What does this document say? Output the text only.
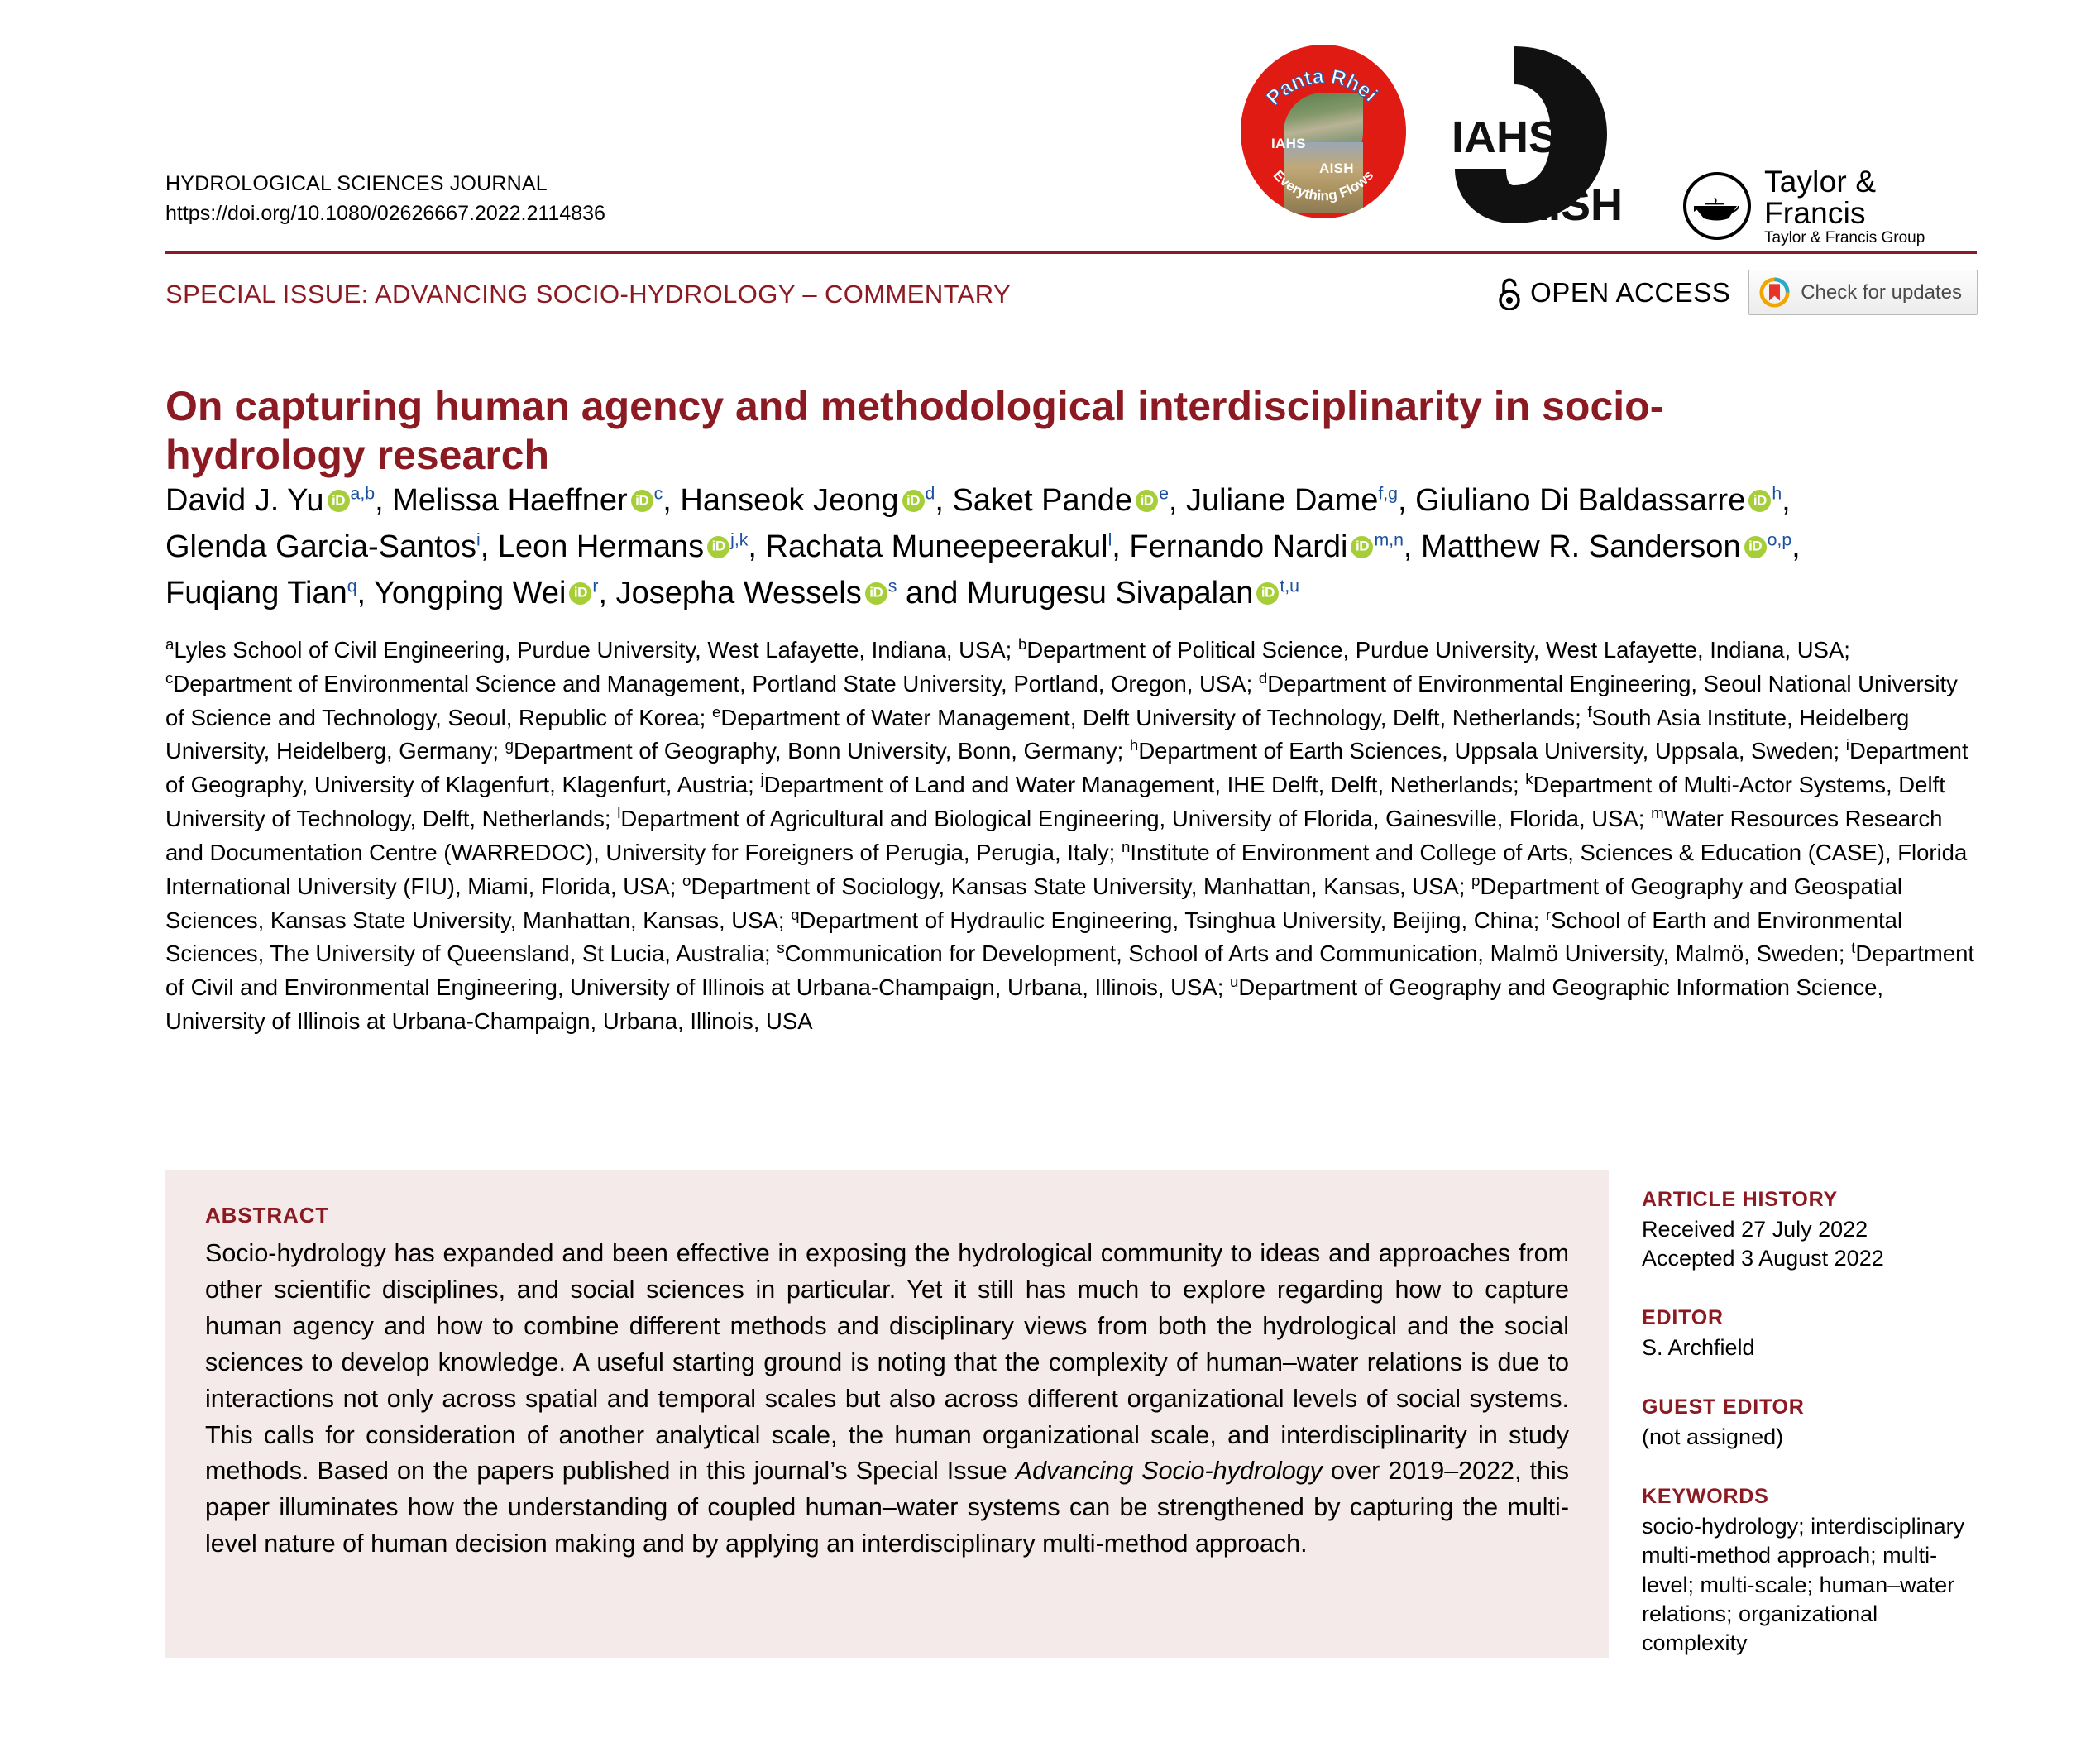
Panta Rhei
Everything Flows
IAHS
AISH
IAHS
AISH	Taylor & Francis
Taylor & Francis Group
HYDROLOGICAL SCIENCES JOURNAL
https://doi.org/10.1080/02626667.2022.2114836
SPECIAL ISSUE: ADVANCING SOCIO-HYDROLOGY – COMMENTARY	OPEN ACCESS	Check for updates
On capturing human agency and methodological interdisciplinarity in socio-hydrology research
David J. Yu iD $^{a,b}$, Melissa Haeffner iD $^c$, Hanseok Jeong iD $^d$, Saket Pande iD $^e$, Juliane Dame$^{f,g}$, Giuliano Di Baldassarre iD $^h$, Glenda Garcia-Santos$^i$, Leon Hermans iD $^{j,k}$, Rachata Muneepeerakul$^l$, Fernando Nardi iD $^{m,n}$, Matthew R. Sanderson iD $^{o,p}$, Fuqiang Tian$^q$, Yongping Wei iD $^r$, Josepha Wessels iD $^s$ and Murugesu Sivapalan iD $^{t,u}$
$^a$Lyles School of Civil Engineering, Purdue University, West Lafayette, Indiana, USA; $^b$Department of Political Science, Purdue University, West Lafayette, Indiana, USA; $^c$Department of Environmental Science and Management, Portland State University, Portland, Oregon, USA; $^d$Department of Environmental Engineering, Seoul National University of Science and Technology, Seoul, Republic of Korea; $^e$Department of Water Management, Delft University of Technology, Delft, Netherlands; $^f$South Asia Institute, Heidelberg University, Heidelberg, Germany; $^g$Department of Geography, Bonn University, Bonn, Germany; $^h$Department of Earth Sciences, Uppsala University, Uppsala, Sweden; $^i$Department of Geography, University of Klagenfurt, Klagenfurt, Austria; $^j$Department of Land and Water Management, IHE Delft, Delft, Netherlands; $^k$Department of Multi-Actor Systems, Delft University of Technology, Delft, Netherlands; $^l$Department of Agricultural and Biological Engineering, University of Florida, Gainesville, Florida, USA; $^m$Water Resources Research and Documentation Centre (WARREDOC), University for Foreigners of Perugia, Perugia, Italy; $^n$Institute of Environment and College of Arts, Sciences & Education (CASE), Florida International University (FIU), Miami, Florida, USA; $^o$Department of Sociology, Kansas State University, Manhattan, Kansas, USA; $^p$Department of Geography and Geospatial Sciences, Kansas State University, Manhattan, Kansas, USA; $^q$Department of Hydraulic Engineering, Tsinghua University, Beijing, China; $^r$School of Earth and Environmental Sciences, The University of Queensland, St Lucia, Australia; $^s$Communication for Development, School of Arts and Communication, Malmö University, Malmö, Sweden; $^t$Department of Civil and Environmental Engineering, University of Illinois at Urbana-Champaign, Urbana, Illinois, USA; $^u$Department of Geography and Geographic Information Science, University of Illinois at Urbana-Champaign, Urbana, Illinois, USA
ABSTRACT
Socio-hydrology has expanded and been effective in exposing the hydrological community to ideas and approaches from other scientific disciplines, and social sciences in particular. Yet it still has much to explore regarding how to capture human agency and how to combine different methods and disciplinary views from both the hydrological and the social sciences to develop knowledge. A useful starting ground is noting that the complexity of human–water relations is due to interactions not only across spatial and temporal scales but also across different organizational levels of social systems. This calls for consideration of another analytical scale, the human organizational scale, and interdisciplinarity in study methods. Based on the papers published in this journal’s Special Issue Advancing Socio-hydrology over 2019–2022, this paper illuminates how the understanding of coupled human–water systems can be strengthened by capturing the multi-level nature of human decision making and by applying an interdisciplinary multi-method approach.
ARTICLE HISTORY
Received 27 July 2022
Accepted 3 August 2022
EDITOR
S. Archfield
GUEST EDITOR
(not assigned)
KEYWORDS
socio-hydrology; interdisciplinary multi-method approach; multi-level; multi-scale; human–water relations; organizational complexity
